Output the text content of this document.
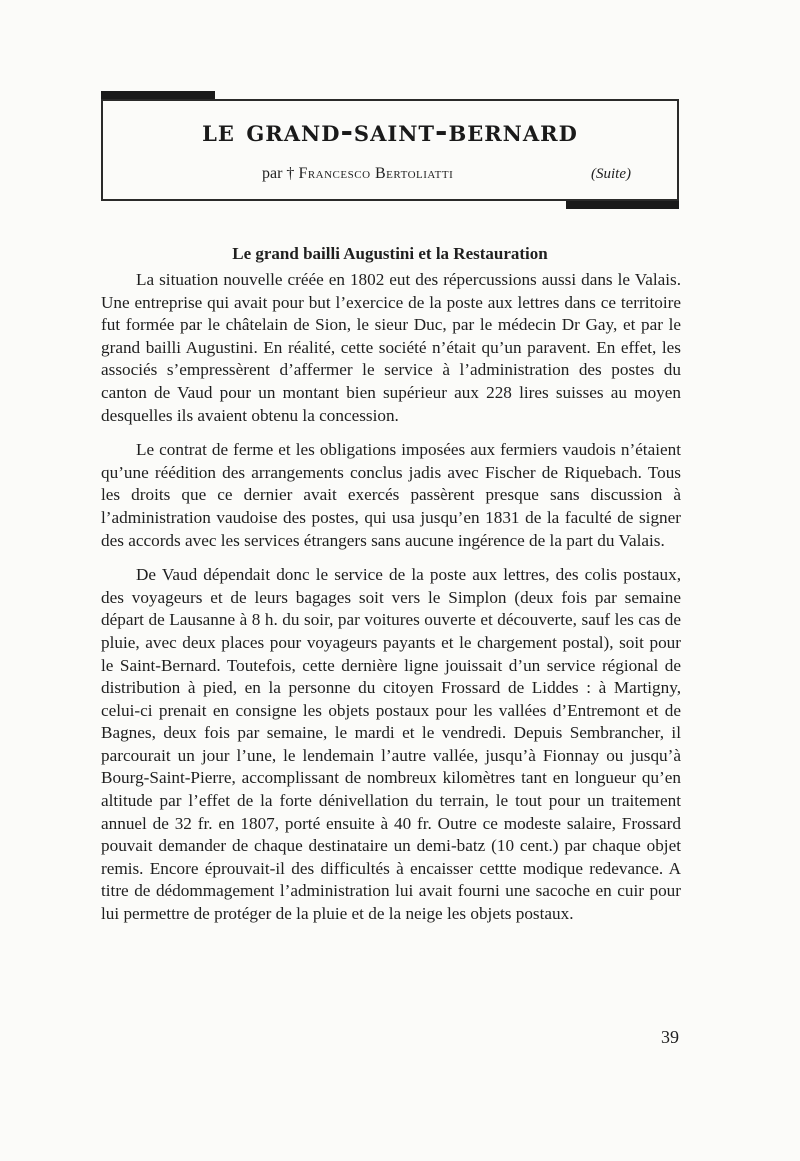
le grand-saint-bernard
par † Francesco Bertoliatti	(Suite)
Le grand bailli Augustini et la Restauration

La situation nouvelle créée en 1802 eut des répercussions aussi dans le Valais. Une entreprise qui avait pour but l’exercice de la poste aux lettres dans ce territoire fut formée par le châtelain de Sion, le sieur Duc, par le médecin Dr Gay, et par le grand bailli Augustini. En réalité, cette société n’était qu’un paravent. En effet, les associés s’empressèrent d’affermer le service à l’administration des postes du canton de Vaud pour un montant bien supérieur aux 228 lires suisses au moyen desquelles ils avaient obtenu la concession.

Le contrat de ferme et les obligations imposées aux fermiers vaudois n’étaient qu’une réédition des arrangements conclus jadis avec Fischer de Riquebach. Tous les droits que ce dernier avait exercés passèrent presque sans discussion à l’administration vaudoise des postes, qui usa jusqu’en 1831 de la faculté de signer des accords avec les services étrangers sans aucune ingérence de la part du Valais.

De Vaud dépendait donc le service de la poste aux lettres, des colis postaux, des voyageurs et de leurs bagages soit vers le Simplon (deux fois par semaine départ de Lausanne à 8 h. du soir, par voitures ouverte et découverte, sauf les cas de pluie, avec deux places pour voyageurs payants et le chargement postal), soit pour le Saint-Bernard. Toutefois, cette dernière ligne jouissait d’un service régional de distribution à pied, en la personne du citoyen Frossard de Liddes : à Martigny, celui-ci prenait en consigne les objets postaux pour les vallées d’Entremont et de Bagnes, deux fois par semaine, le mardi et le vendredi. Depuis Sembrancher, il parcourait un jour l’une, le lendemain l’autre vallée, jusqu’à Fionnay ou jusqu’à Bourg-Saint-Pierre, accomplissant de nombreux kilomètres tant en longueur qu’en altitude par l’effet de la forte dénivellation du terrain, le tout pour un traitement annuel de 32 fr. en 1807, porté ensuite à 40 fr. Outre ce modeste salaire, Frossard pouvait demander de chaque destinataire un demi-batz (10 cent.) par chaque objet remis. Encore éprouvait-il des difficultés à encaisser cettte modique redevance. A titre de dédommagement l’administration lui avait fourni une sacoche en cuir pour lui permettre de protéger de la pluie et de la neige les objets postaux.

39
